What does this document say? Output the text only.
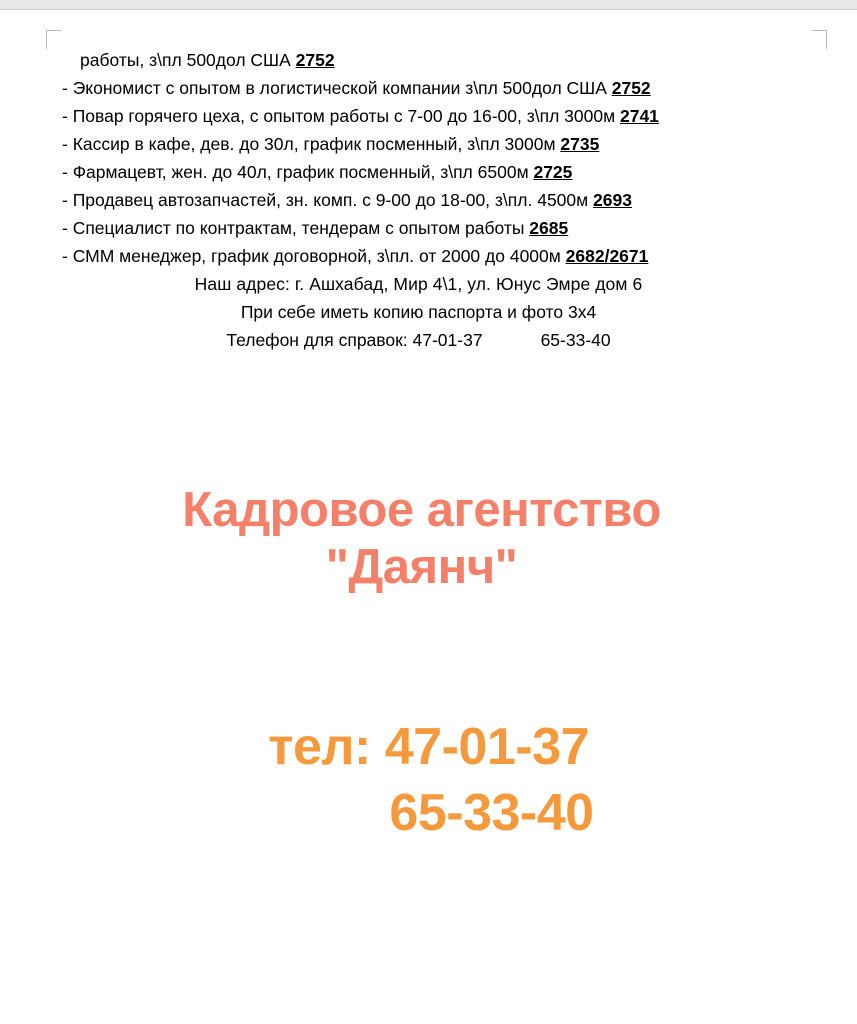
работы, з\пл 500дол США 2752
- Экономист с опытом в логистической компании з\пл 500дол США 2752
- Повар горячего цеха, с опытом работы с 7-00 до 16-00, з\пл 3000м 2741
- Кассир в кафе, дев. до 30л, график посменный, з\пл 3000м 2735
- Фармацевт, жен. до 40л, график посменный, з\пл 6500м 2725
- Продавец автозапчастей, зн. комп. с 9-00 до 18-00, з\пл. 4500м 2693
- Специалист по контрактам, тендерам с опытом работы 2685
- СММ менеджер, график договорной, з\пл. от 2000 до 4000м 2682/2671
Наш адрес: г. Ашхабад, Мир 4\1, ул. Юнус Эмре дом 6
При себе иметь копию паспорта и фото 3х4
Телефон для справок: 47-01-37	65-33-40
Кадровое агентство
"Даянч"
тел: 47-01-37
65-33-40
